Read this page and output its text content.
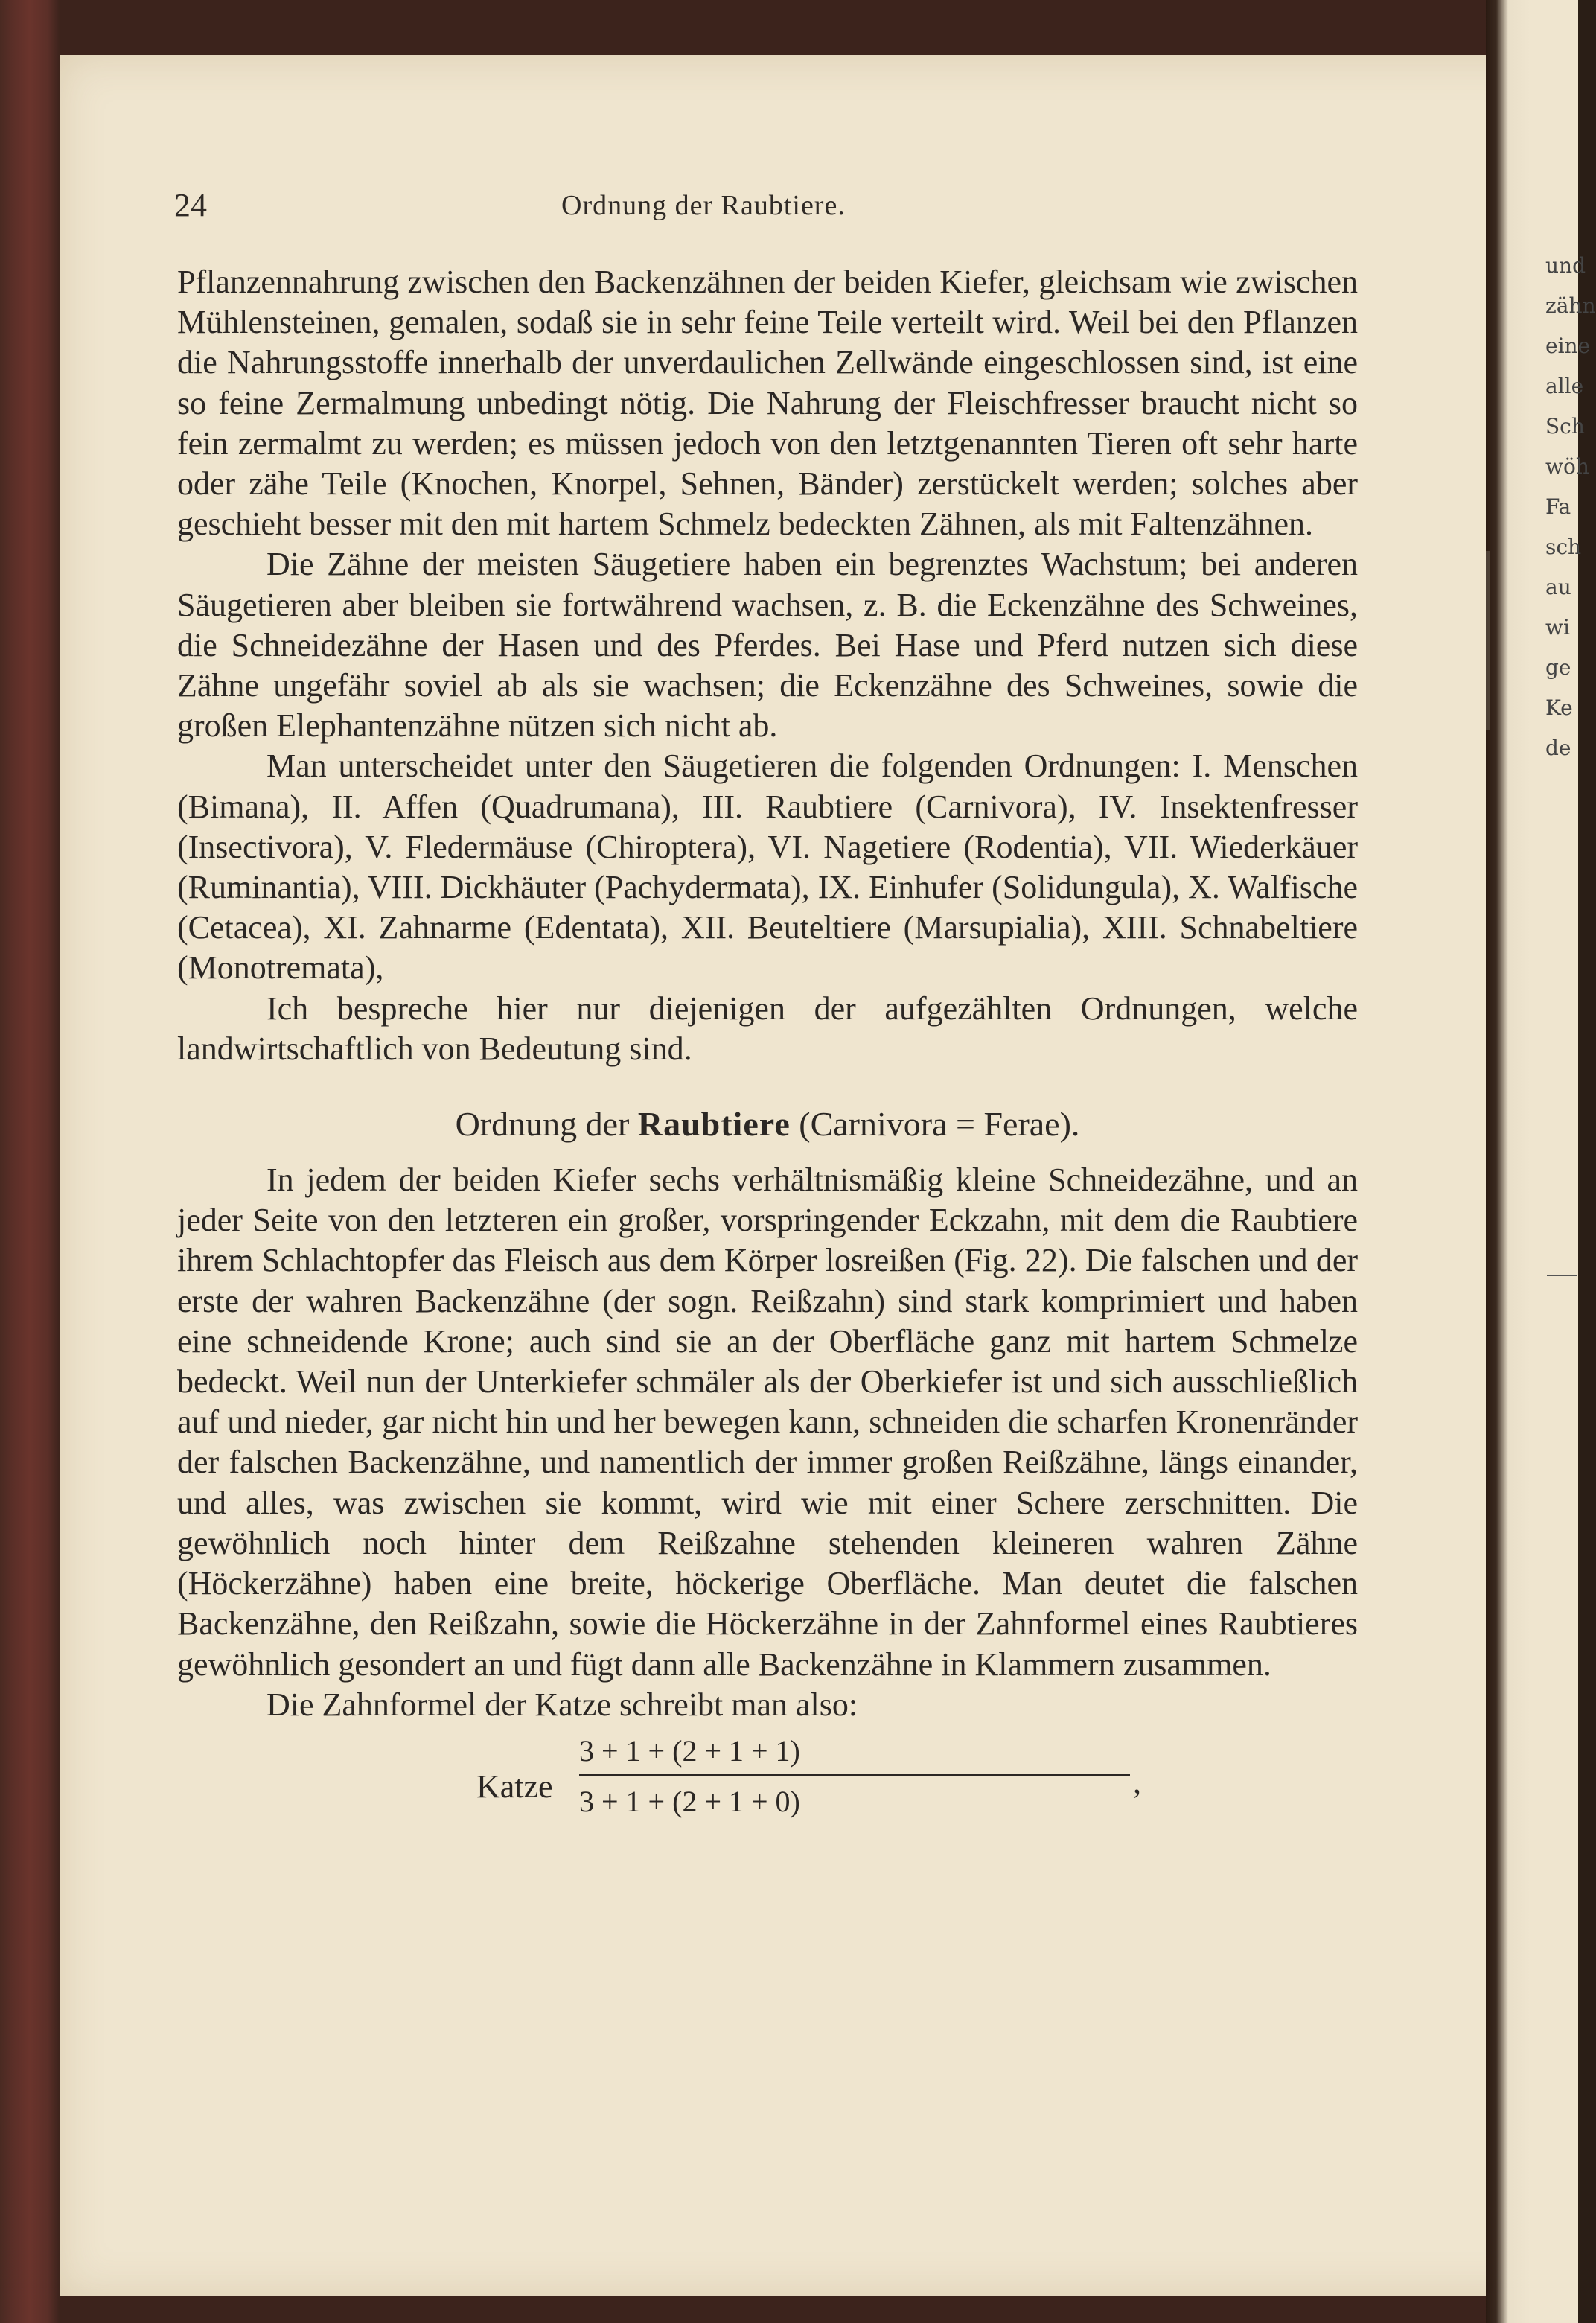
und
zähn
eine
alle
Sch
wöh
Fa
sch
au
wi
ge
Ke
de
24	Ordnung der Raubtiere.

Pflanzennahrung zwischen den Backenzähnen der beiden Kiefer, gleichsam wie zwischen Mühlensteinen, gemalen, sodaß sie in sehr feine Teile verteilt wird. Weil bei den Pflanzen die Nahrungsstoffe innerhalb der unverdaulichen Zellwände eingeschlossen sind, ist eine so feine Zermalmung unbedingt nötig. Die Nahrung der Fleischfresser braucht nicht so fein zermalmt zu werden; es müssen jedoch von den letztgenannten Tieren oft sehr harte oder zähe Teile (Knochen, Knorpel, Sehnen, Bänder) zerstückelt werden; solches aber geschieht besser mit den mit hartem Schmelz bedeckten Zähnen, als mit Faltenzähnen.

Die Zähne der meisten Säugetiere haben ein begrenztes Wachstum; bei anderen Säugetieren aber bleiben sie fortwährend wachsen, z. B. die Eckenzähne des Schweines, die Schneidezähne der Hasen und des Pferdes. Bei Hase und Pferd nutzen sich diese Zähne ungefähr soviel ab als sie wachsen; die Eckenzähne des Schweines, sowie die großen Elephantenzähne nützen sich nicht ab.

Man unterscheidet unter den Säugetieren die folgenden Ordnungen: I. Menschen (Bimana), II. Affen (Quadrumana), III. Raubtiere (Carnivora), IV. Insektenfresser (Insectivora), V. Fledermäuse (Chiroptera), VI. Nagetiere (Rodentia), VII. Wiederkäuer (Ruminantia), VIII. Dickhäuter (Pachydermata), IX. Einhufer (Solidungula), X. Walfische (Cetacea), XI. Zahnarme (Edentata), XII. Beuteltiere (Marsupialia), XIII. Schnabeltiere (Monotremata),

Ich bespreche hier nur diejenigen der aufgezählten Ordnungen, welche landwirtschaftlich von Bedeutung sind.

Ordnung der Raubtiere (Carnivora = Ferae).

In jedem der beiden Kiefer sechs verhältnismäßig kleine Schneidezähne, und an jeder Seite von den letzteren ein großer, vorspringender Eckzahn, mit dem die Raubtiere ihrem Schlachtopfer das Fleisch aus dem Körper losreißen (Fig. 22). Die falschen und der erste der wahren Backenzähne (der sogn. Reißzahn) sind stark komprimiert und haben eine schneidende Krone; auch sind sie an der Oberfläche ganz mit hartem Schmelze bedeckt. Weil nun der Unterkiefer schmäler als der Oberkiefer ist und sich ausschließlich auf und nieder, gar nicht hin und her bewegen kann, schneiden die scharfen Kronenränder der falschen Backenzähne, und namentlich der immer großen Reißzähne, längs einander, und alles, was zwischen sie kommt, wird wie mit einer Schere zerschnitten. Die gewöhnlich noch hinter dem Reißzahne stehenden kleineren wahren Zähne (Höckerzähne) haben eine breite, höckerige Oberfläche. Man deutet die falschen Backenzähne, den Reißzahn, sowie die Höckerzähne in der Zahnformel eines Raubtieres gewöhnlich gesondert an und fügt dann alle Backenzähne in Klammern zusammen.

Die Zahnformel der Katze schreibt man also:

Katze
3 + 1 + (2 + 1 + 1)
3 + 1 + (2 + 1 + 0)
,
